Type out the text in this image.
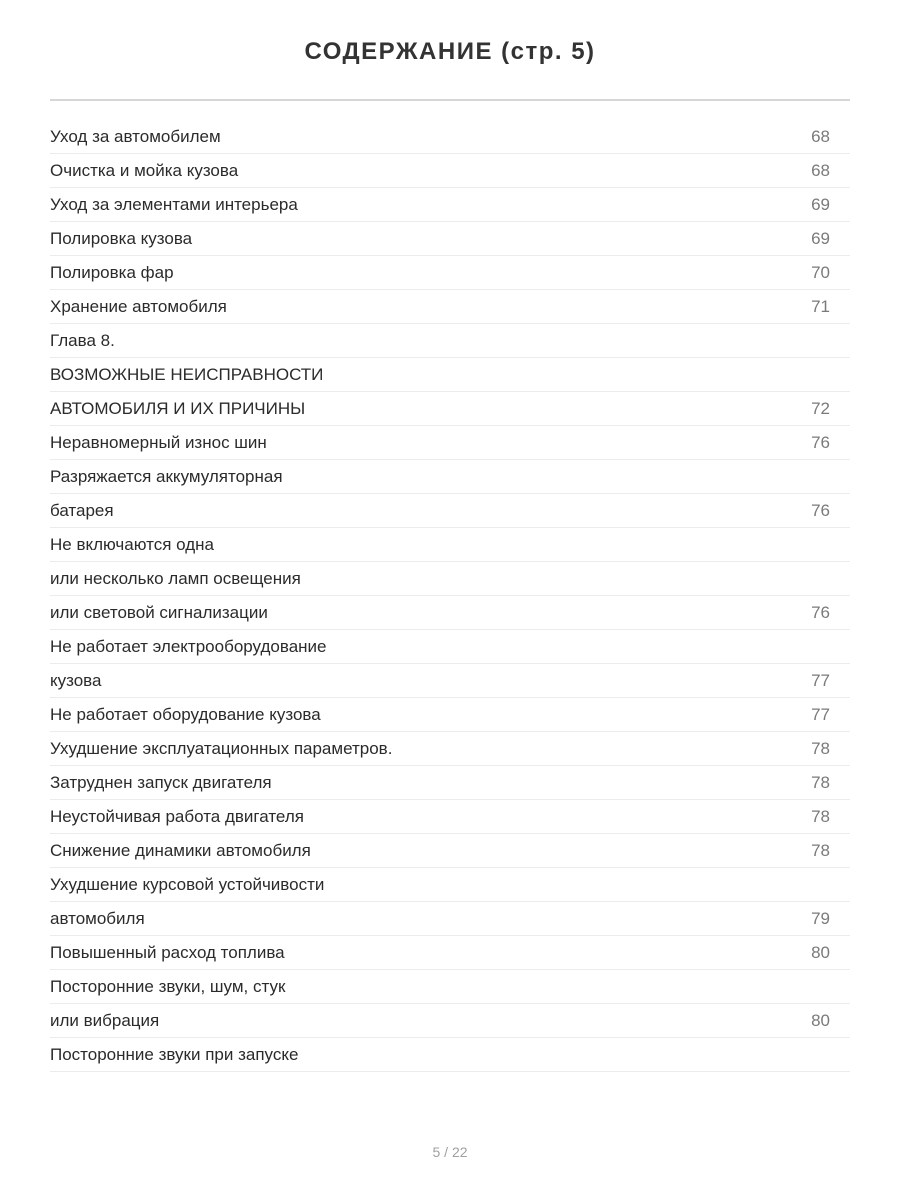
СОДЕРЖАНИЕ (стр. 5)
Уход за автомобилем	68
Очистка и мойка кузова	68
Уход за элементами интерьера	69
Полировка кузова	69
Полировка фар	70
Хранение автомобиля	71
Глава 8.
ВОЗМОЖНЫЕ НЕИСПРАВНОСТИ
АВТОМОБИЛЯ И ИХ ПРИЧИНЫ	72
Неравномерный износ шин	76
Разряжается аккумуляторная
батарея	76
Не включаются одна
или несколько ламп освещения
или световой сигнализации	76
Не работает электрооборудование
кузова	77
Не работает оборудование кузова	77
Ухудшение эксплуатационных параметров.	78
Затруднен запуск двигателя	78
Неустойчивая работа двигателя	78
Снижение динамики автомобиля	78
Ухудшение курсовой устойчивости
автомобиля	79
Повышенный расход топлива	80
Посторонние звуки, шум, стук
или вибрация	80
Посторонние звуки при запуске
5 / 22
